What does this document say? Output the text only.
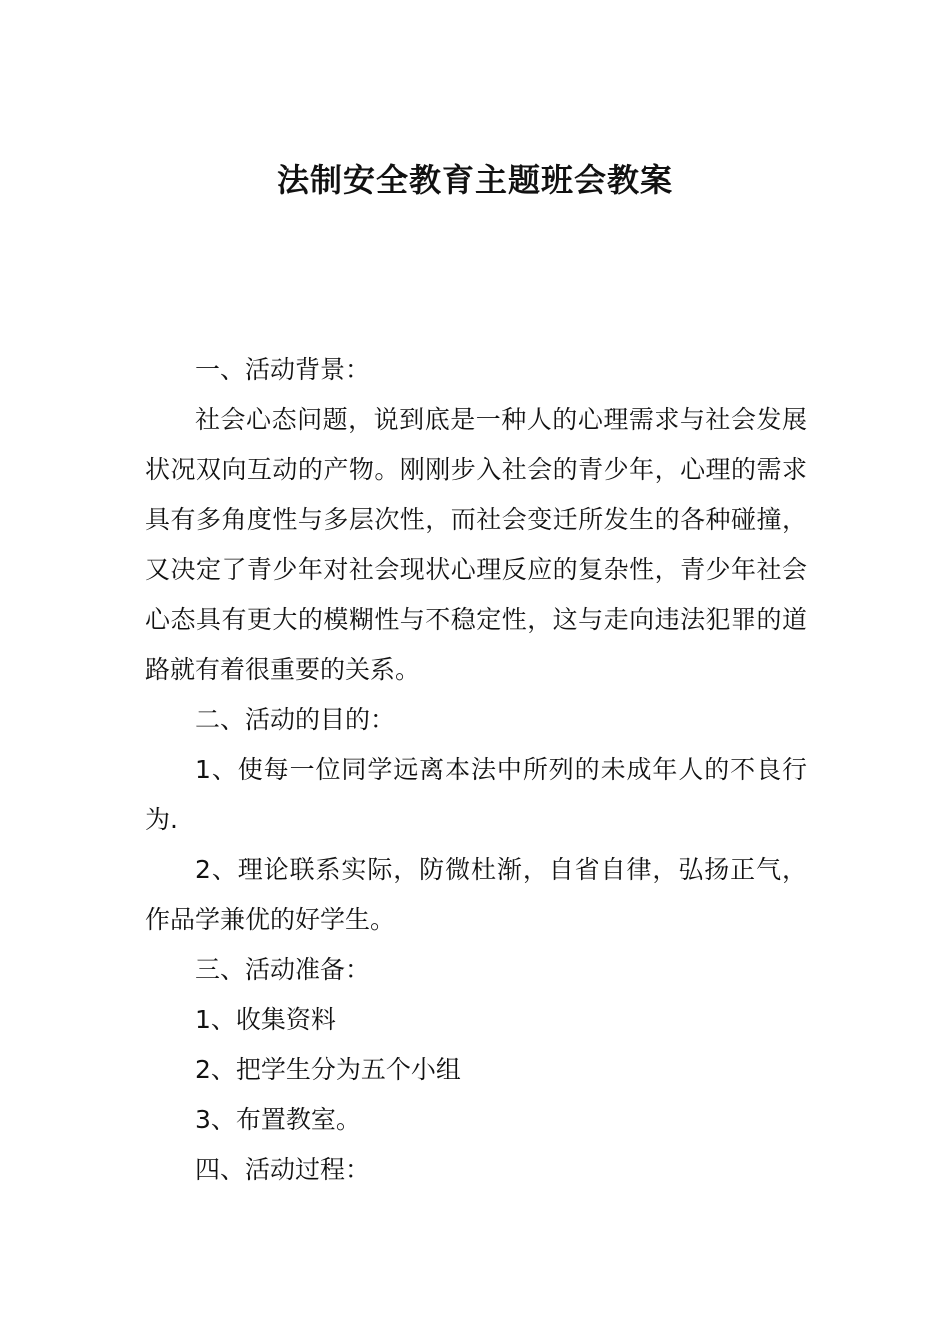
法制安全教育主题班会教案

一、活动背景：

社会心态问题，说到底是一种人的心理需求与社会发展状况双向互动的产物。刚刚步入社会的青少年，心理的需求具有多角度性与多层次性，而社会变迁所发生的各种碰撞，又决定了青少年对社会现状心理反应的复杂性，青少年社会心态具有更大的模糊性与不稳定性，这与走向违法犯罪的道路就有着很重要的关系。

二、活动的目的：

1、使每一位同学远离本法中所列的未成年人的不良行为.

2、理论联系实际，防微杜渐，自省自律，弘扬正气，作品学兼优的好学生。

三、活动准备：

1、收集资料

2、把学生分为五个小组

3、布置教室。

四、活动过程：
